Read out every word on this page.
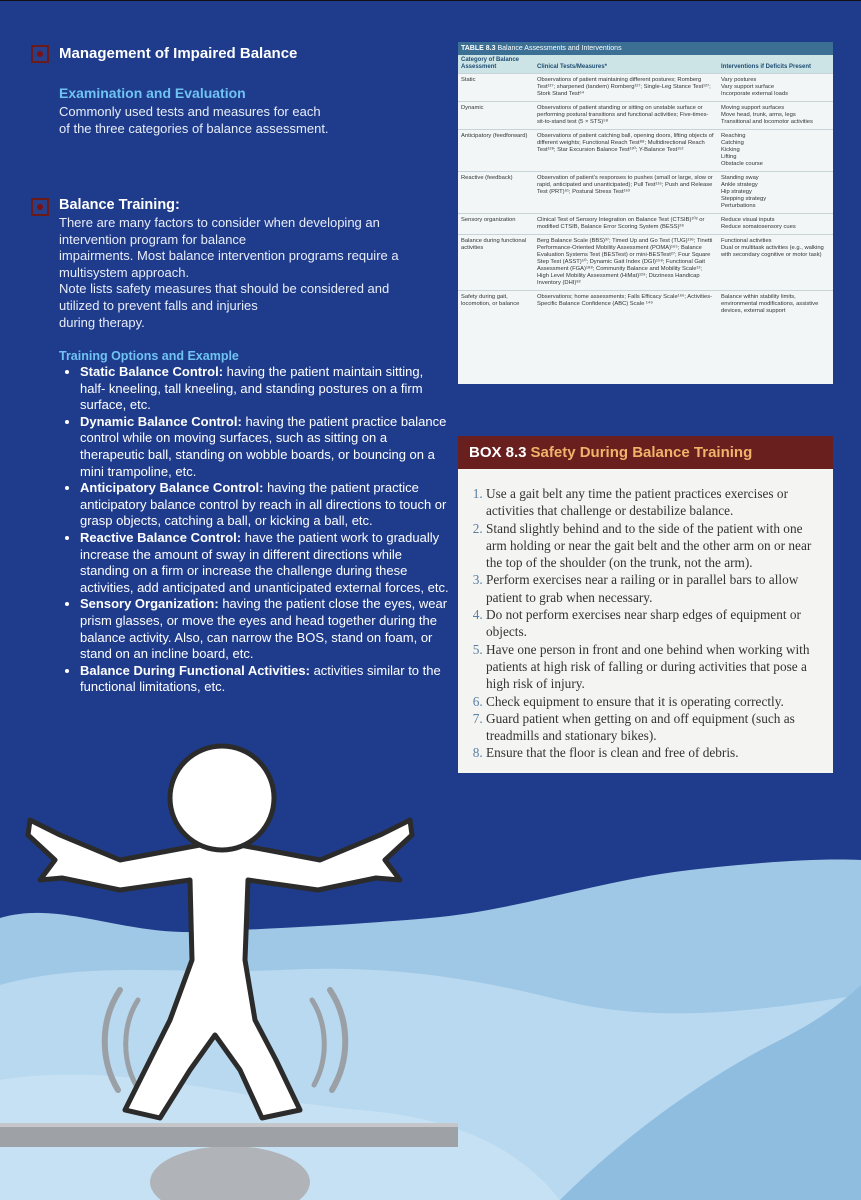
Management of Impaired Balance
Examination and Evaluation
Commonly used tests and measures for each
of the three categories of balance assessment.
Balance Training:
There are many factors to consider when developing an
intervention program for balance
impairments. Most balance intervention programs require a
multisystem approach.
Note lists safety measures that should be considered and
utilized to prevent falls and injuries
during therapy.
Training Options and Example
• Static Balance Control: having the patient maintain sitting, half- kneeling, tall kneeling, and standing postures on a firm surface, etc.
• Dynamic Balance Control: having the patient practice balance control while on moving surfaces, such as sitting on a therapeutic ball, standing on wobble boards, or bouncing on a mini trampoline, etc.
• Anticipatory Balance Control: having the patient practice anticipatory balance control by reach in all directions to touch or grasp objects, catching a ball, or kicking a ball, etc.
• Reactive Balance Control: have the patient work to gradually increase the amount of sway in different directions while standing on a firm or increase the challenge during these activities, add anticipated and unanticipated external forces, etc.
• Sensory Organization: having the patient close the eyes, wear prism glasses, or move the eyes and head together during the balance activity. Also, can narrow the BOS, stand on foam, or stand on an incline board, etc.
• Balance During Functional Activities: activities similar to the functional limitations, etc.
TABLE 8.3 Balance Assessments and Interventions
Category of Balance Assessment	Clinical Tests/Measures*	Interventions if Deficits Present
Static	Observations of patient maintaining different postures; Romberg Test¹²⁷; sharpened (tandem) Romberg¹²⁷; Single-Leg Stance Test¹²⁷; Stork Stand Test⁶⁴	Vary postures
Vary support surface
Incorporate external loads
Dynamic	Observations of patient standing or sitting on unstable surface or performing postural transitions and functional activities; Five-times-sit-to-stand test (5 × STS)⁵⁸	Moving support surfaces
Move head, trunk, arms, legs
Transitional and locomotor activities
Anticipatory (feedforward)	Observations of patient catching ball, opening doors, lifting objects of different weights; Functional Reach Test⁸⁸; Multidirectional Reach Test¹²⁸; Star Excursion Balance Test¹³⁰; Y-Balance Test¹⁵²	Reaching
Catching
Kicking
Lifting
Obstacle course
Reactive (feedback)	Observation of patient's responses to pushes (small or large, slow or rapid, anticipated and unanticipated); Pull Test¹¹⁶; Push and Release Test (PRT)⁶¹; Postural Stress Test¹⁶³	Standing sway
Ankle strategy
Hip strategy
Stepping strategy
Perturbations
Sensory organization	Clinical Test of Sensory Integration on Balance Test (CTSIB)¹⁰² or modified CTSIB, Balance Error Scoring System (BESS)²⁸	Reduce visual inputs
Reduce somatosensory cues
Balance during functional activities	Berg Balance Scale (BBS)³⁷; Timed Up and Go Test (TUG)¹³⁶; Tinetti Performance-Oriented Mobility Assessment (POMA)¹⁶⁵; Balance Evaluation Systems Test (BESTest) or mini-BESTest²⁷; Four Square Step Test (ASST)⁵⁰; Dynamic Gait Index (DGI)¹⁵⁸; Functional Gait Assessment (FGA)¹⁸⁸; Community Balance and Mobility Scale¹²; High Level Mobility Assessment (HiMat)¹²⁹; Dizziness Handicap Inventory (DHI)⁸²	Functional activities
Dual or multitask activities (e.g., walking with secondary cognitive or motor task)
Safety during gait, locomotion, or balance	Observations; home assessments; Falls Efficacy Scale¹⁶⁶; Activities-Specific Balance Confidence (ABC) Scale ¹⁴⁹	Balance within stability limits, environmental modifications, assistive devices, external support
BOX 8.3 Safety During Balance Training
1. Use a gait belt any time the patient practices exercises or activities that challenge or destabilize balance.
2. Stand slightly behind and to the side of the patient with one arm holding or near the gait belt and the other arm on or near the top of the shoulder (on the trunk, not the arm).
3. Perform exercises near a railing or in parallel bars to allow patient to grab when necessary.
4. Do not perform exercises near sharp edges of equipment or objects.
5. Have one person in front and one behind when working with patients at high risk of falling or during activities that pose a high risk of injury.
6. Check equipment to ensure that it is operating correctly.
7. Guard patient when getting on and off equipment (such as treadmills and stationary bikes).
8. Ensure that the floor is clean and free of debris.
